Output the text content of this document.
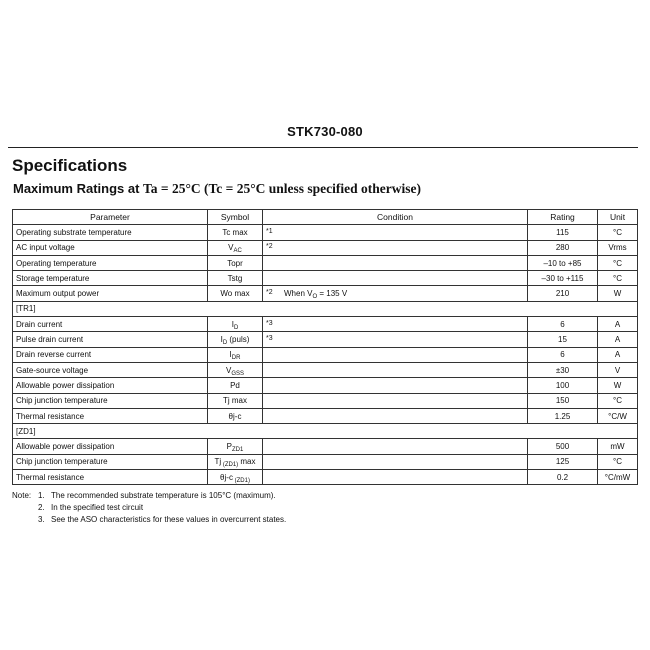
STK730-080
Specifications
Maximum Ratings at Ta = 25°C (Tc = 25°C unless specified otherwise)
Parameter	Symbol	Condition	Rating	Unit
Operating substrate temperature	Tc max	*1	115	°C
AC input voltage	$V_{AC}$	*2	280	Vrms
Operating temperature	Topr		–10 to +85	°C
Storage temperature	Tstg		–30 to +115	°C
Maximum output power	Wo max	*2 When $V_O = 135$ V	210	W
[TR1]				
Drain current	$I_D$	*3	6	A
Pulse drain current	$I_D$ (puls)	*3	15	A
Drain reverse current	$I_{DR}$		6	A
Gate-source voltage	$V_{GSS}$		±30	V
Allowable power dissipation	Pd		100	W
Chip junction temperature	Tj max		150	°C
Thermal resistance	θj-c		1.25	°C/W
[ZD1]				
Allowable power dissipation	$P_{ZD1}$		500	mW
Chip junction temperature	Tj $_{(ZD1)}$ max		125	°C
Thermal resistance	θj-c $_{(ZD1)}$		0.2	°C/mW
Note: 1. The recommended substrate temperature is 105°C (maximum).
2. In the specified test circuit
3. See the ASO characteristics for these values in overcurrent states.
